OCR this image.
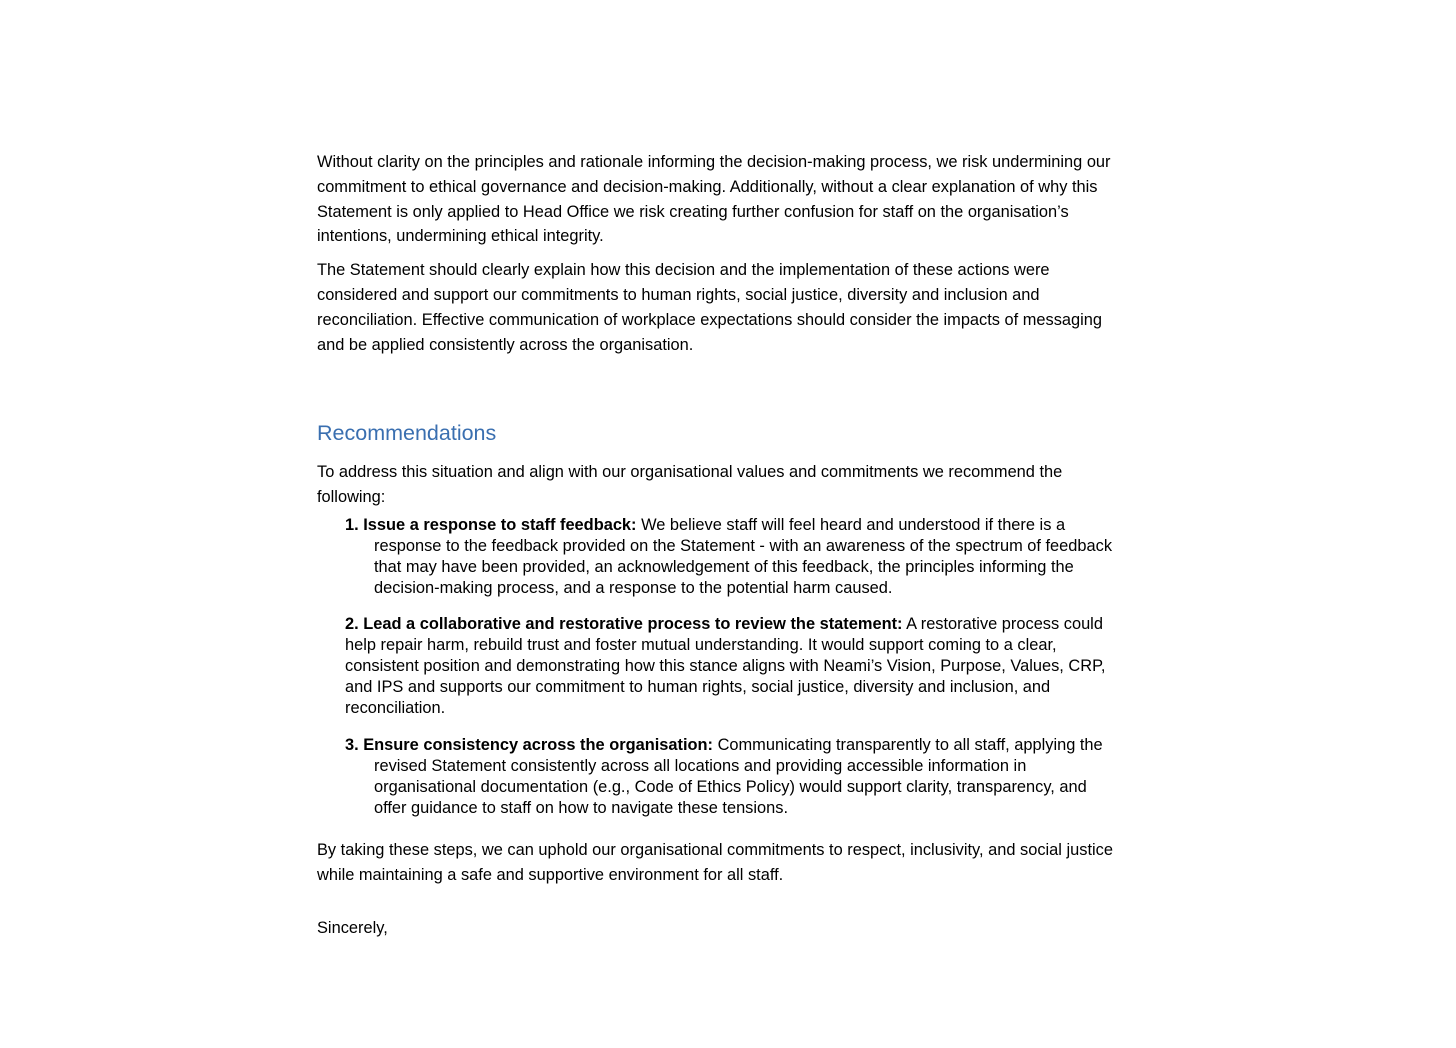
Without clarity on the principles and rationale informing the decision-making process, we risk undermining our commitment to ethical governance and decision-making. Additionally, without a clear explanation of why this Statement is only applied to Head Office we risk creating further confusion for staff on the organisation’s intentions, undermining ethical integrity.

The Statement should clearly explain how this decision and the implementation of these actions were considered and support our commitments to human rights, social justice, diversity and inclusion and reconciliation. Effective communication of workplace expectations should consider the impacts of messaging and be applied consistently across the organisation.

Recommendations

To address this situation and align with our organisational values and commitments we recommend the following:

1. Issue a response to staff feedback: We believe staff will feel heard and understood if there is a response to the feedback provided on the Statement - with an awareness of the spectrum of feedback that may have been provided, an acknowledgement of this feedback, the principles informing the decision-making process, and a response to the potential harm caused.

2. Lead a collaborative and restorative process to review the statement: A restorative process could help repair harm, rebuild trust and foster mutual understanding. It would support coming to a clear, consistent position and demonstrating how this stance aligns with Neami’s Vision, Purpose, Values, CRP, and IPS and supports our commitment to human rights, social justice, diversity and inclusion, and reconciliation.

3. Ensure consistency across the organisation: Communicating transparently to all staff, applying the revised Statement consistently across all locations and providing accessible information in organisational documentation (e.g., Code of Ethics Policy) would support clarity, transparency, and offer guidance to staff on how to navigate these tensions.

By taking these steps, we can uphold our organisational commitments to respect, inclusivity, and social justice while maintaining a safe and supportive environment for all staff.

Sincerely,
